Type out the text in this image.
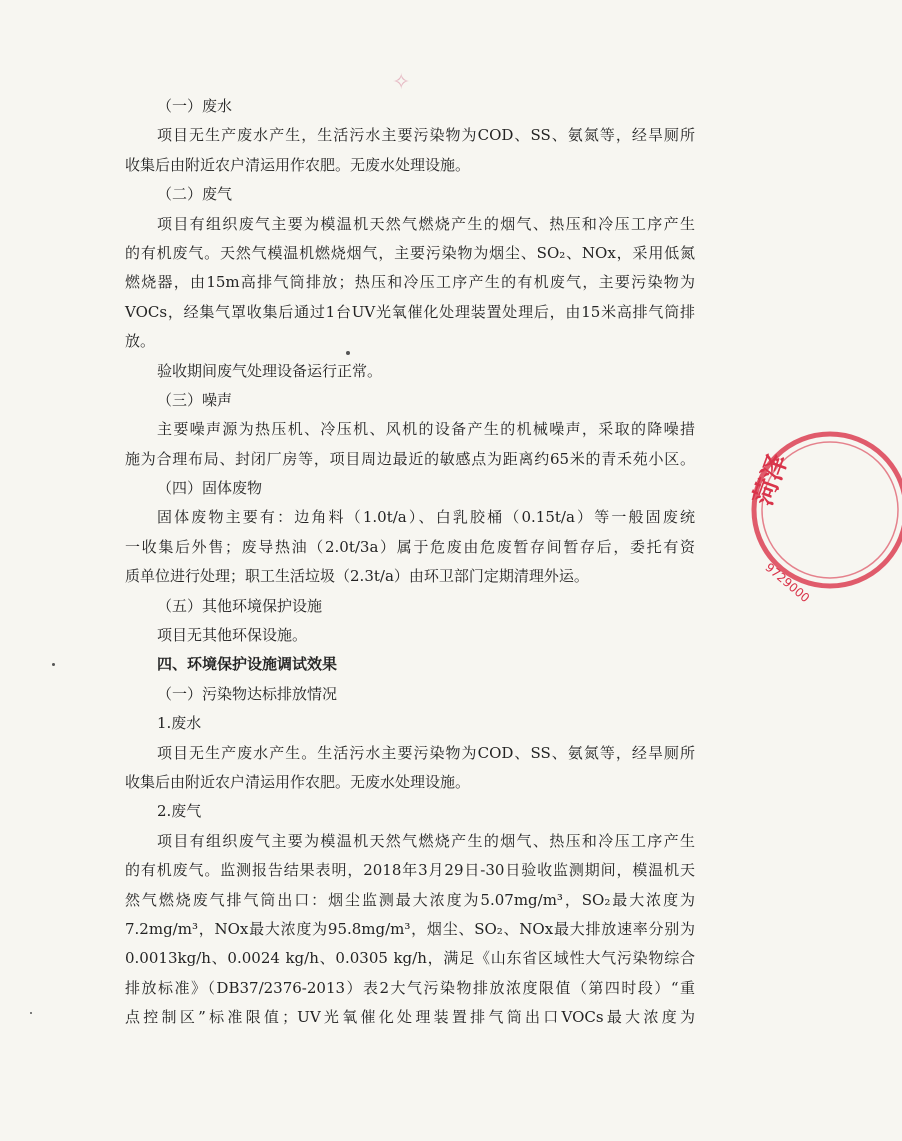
✧
（一）废水
项目无生产废水产生，生活污水主要污染物为COD、SS、氨氮等，经旱厕所
收集后由附近农户清运用作农肥。无废水处理设施。
（二）废气
项目有组织废气主要为模温机天然气燃烧产生的烟气、热压和冷压工序产生
的有机废气。天然气模温机燃烧烟气，主要污染物为烟尘、SO₂、NOx，采用低氮
燃烧器，由15m高排气筒排放；热压和冷压工序产生的有机废气，主要污染物为
VOCs，经集气罩收集后通过1台UV光氧催化处理装置处理后，由15米高排气筒排
放。
验收期间废气处理设备运行正常。
（三）噪声
主要噪声源为热压机、冷压机、风机的设备产生的机械噪声，采取的降噪措
施为合理布局、封闭厂房等，项目周边最近的敏感点为距离约65米的青禾苑小区。
（四）固体废物
固体废物主要有：边角料（1.0t/a）、白乳胶桶（0.15t/a）等一般固废统
一收集后外售；废导热油（2.0t/3a）属于危废由危废暂存间暂存后，委托有资
质单位进行处理；职工生活垃圾（2.3t/a）由环卫部门定期清理外运。
（五）其他环境保护设施
项目无其他环保设施。
四、环境保护设施调试效果
（一）污染物达标排放情况
1.废水
项目无生产废水产生。生活污水主要污染物为COD、SS、氨氮等，经旱厕所
收集后由附近农户清运用作农肥。无废水处理设施。
2.废气
项目有组织废气主要为模温机天然气燃烧产生的烟气、热压和冷压工序产生
的有机废气。监测报告结果表明，2018年3月29日-30日验收监测期间，模温机天
然气燃烧废气排气筒出口：烟尘监测最大浓度为5.07mg/m³，SO₂最大浓度为
7.2mg/m³，NOx最大浓度为95.8mg/m³，烟尘、SO₂、NOx最大排放速率分别为
0.0013kg/h、0.0024 kg/h、0.0305 kg/h，满足《山东省区域性大气污染物综合
排放标准》（DB37/2376-2013）表2大气污染物排放浓度限值（第四时段）“重
点控制区”标准限值；UV光氧催化处理装置排气筒出口VOCs最大浓度为
菏泽
9729000
